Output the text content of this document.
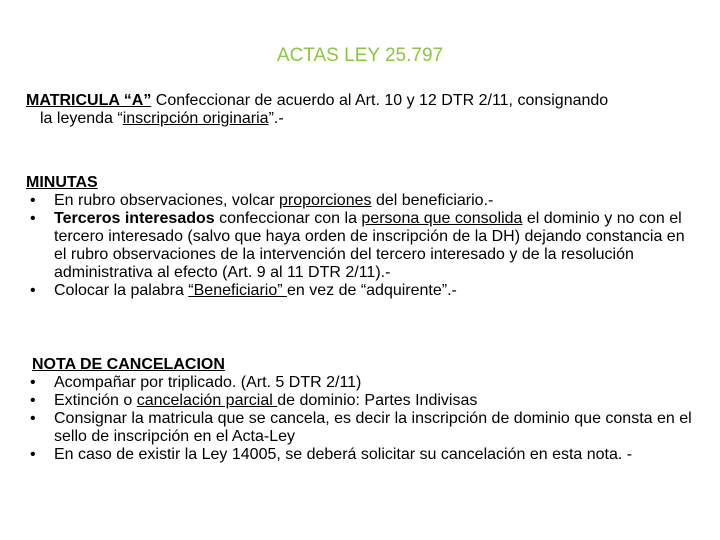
ACTAS LEY 25.797

MATRICULA “A” Confeccionar de acuerdo al Art. 10 y 12 DTR 2/11, consignando
la leyenda “inscripción originaria”.-

MINUTAS
• En rubro observaciones, volcar proporciones del beneficiario.-
• Terceros interesados confeccionar con la persona que consolida el dominio y no con el tercero interesado (salvo que haya orden de inscripción de la DH) dejando constancia en el rubro observaciones de la intervención del tercero interesado y de la resolución administrativa al efecto (Art. 9 al 11 DTR 2/11).-
• Colocar la palabra “Beneficiario” en vez de “adquirente”.-
NOTA DE CANCELACION
• Acompañar por triplicado. (Art. 5 DTR 2/11)
• Extinción o cancelación parcial de dominio: Partes Indivisas
• Consignar la matricula que se cancela, es decir la inscripción de dominio que consta en el sello de inscripción en el Acta-Ley
• En caso de existir la Ley 14005, se deberá solicitar su cancelación en esta nota. -
